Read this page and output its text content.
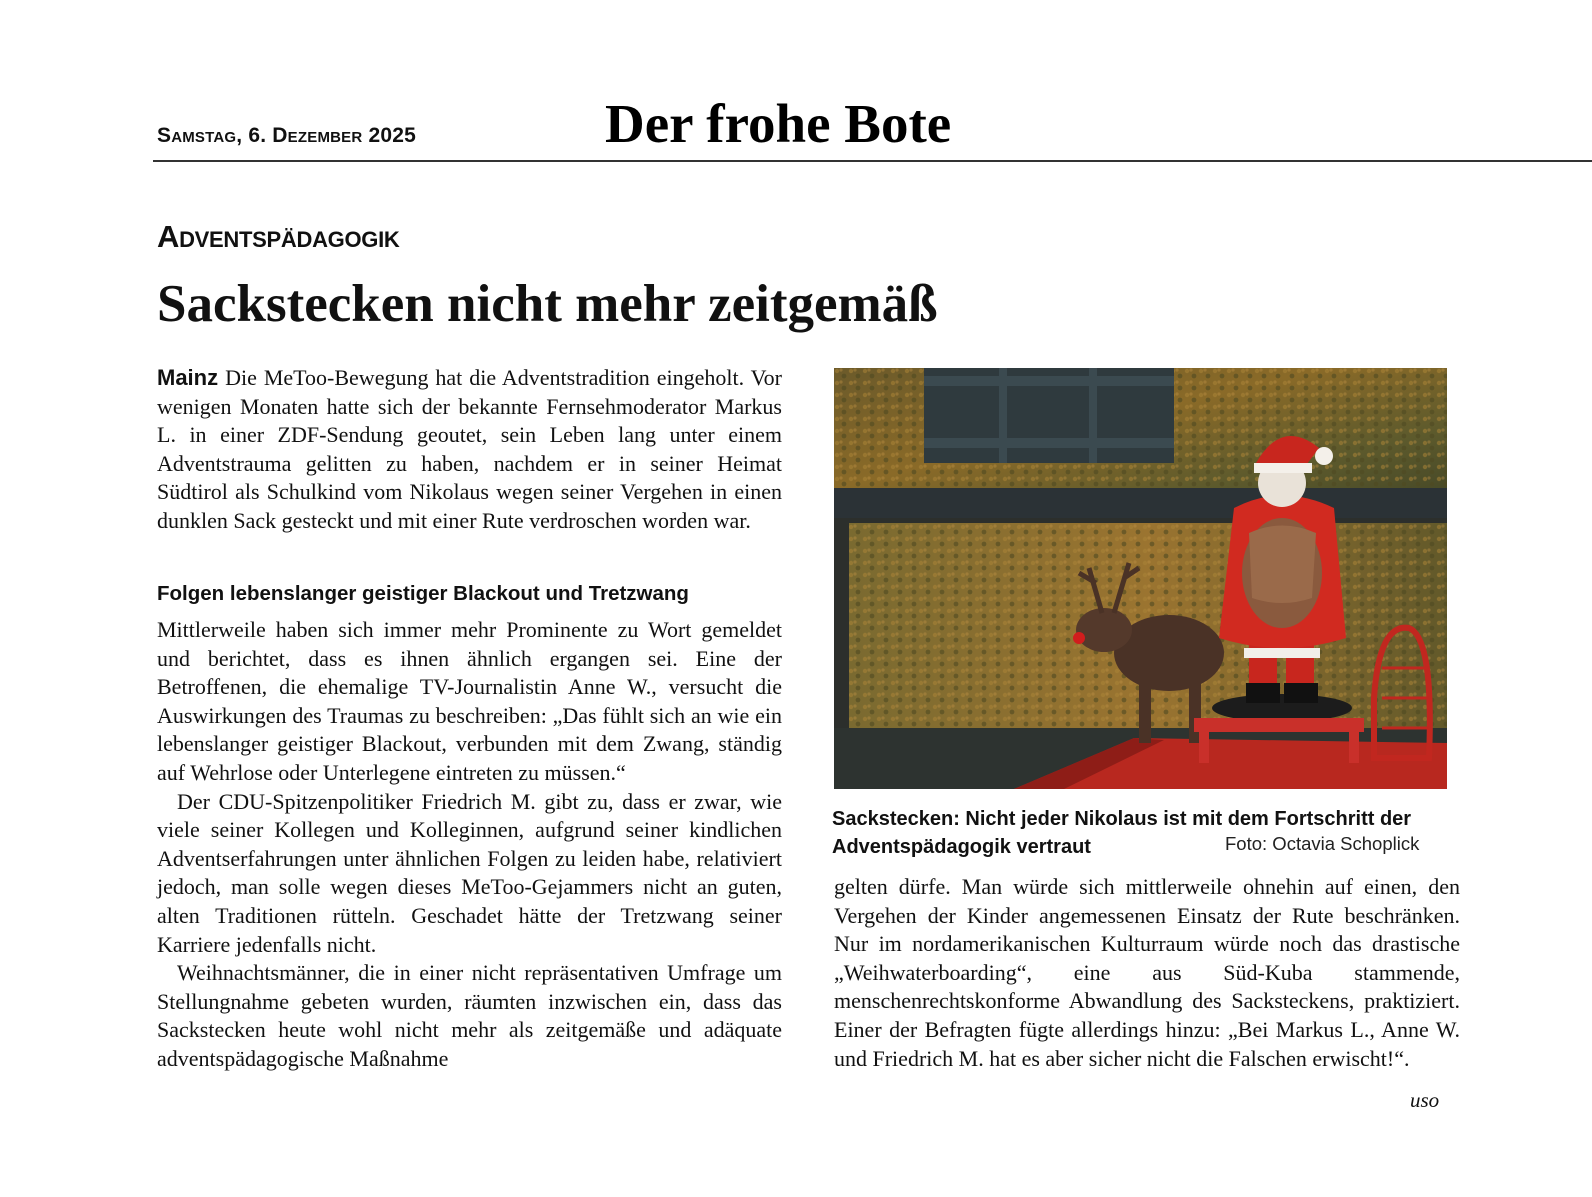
Samstag, 6. Dezember 2025	Der frohe Bote
Adventspädagogik
Sackstecken nicht mehr zeitgemäß

Mainz Die MeToo-Bewegung hat die Adventstradition eingeholt. Vor wenigen Monaten hatte sich der bekannte Fernsehmoderator Markus L. in einer ZDF-Sendung geoutet, sein Leben lang unter einem Adventstrauma gelitten zu haben, nachdem er in seiner Heimat Südtirol als Schulkind vom Nikolaus wegen seiner Vergehen in einen dunklen Sack gesteckt und mit einer Rute verdroschen worden war.

Folgen lebenslanger geistiger Blackout und Tretzwang

Mittlerweile haben sich immer mehr Prominente zu Wort gemeldet und berichtet, dass es ihnen ähnlich ergangen sei. Eine der Betroffenen, die ehemalige TV-Journalistin Anne W., versucht die Auswirkungen des Traumas zu beschreiben: „Das fühlt sich an wie ein lebenslanger geistiger Blackout, verbunden mit dem Zwang, ständig auf Wehrlose oder Unterlegene eintreten zu müssen.“

Der CDU-Spitzenpolitiker Friedrich M. gibt zu, dass er zwar, wie viele seiner Kollegen und Kolleginnen, aufgrund seiner kindlichen Adventserfahrungen unter ähnlichen Folgen zu leiden habe, relativiert jedoch, man solle wegen dieses MeToo-Gejammers nicht an guten, alten Traditionen rütteln. Geschadet hätte der Tretzwang seiner Karriere jedenfalls nicht.

Weihnachtsmänner, die in einer nicht repräsentativen Umfrage um Stellungnahme gebeten wurden, räumten inzwischen ein, dass das Sackstecken heute wohl nicht mehr als zeitgemäße und adäquate adventspädagogische Maßnahme

Sackstecken: Nicht jeder Nikolaus ist mit dem Fortschritt der Adventspädagogik vertraut	Foto: Octavia Schoplick

gelten dürfe. Man würde sich mittlerweile ohnehin auf einen, den Vergehen der Kinder angemessenen Einsatz der Rute beschränken. Nur im nordamerikanischen Kulturraum würde noch das drastische „Weihwaterboarding“, eine aus Süd-Kuba stammende, menschenrechtskonforme Abwandlung des Sacksteckens, praktiziert. Einer der Befragten fügte allerdings hinzu: „Bei Markus L., Anne W. und Friedrich M. hat es aber sicher nicht die Falschen erwischt!“.

uso
